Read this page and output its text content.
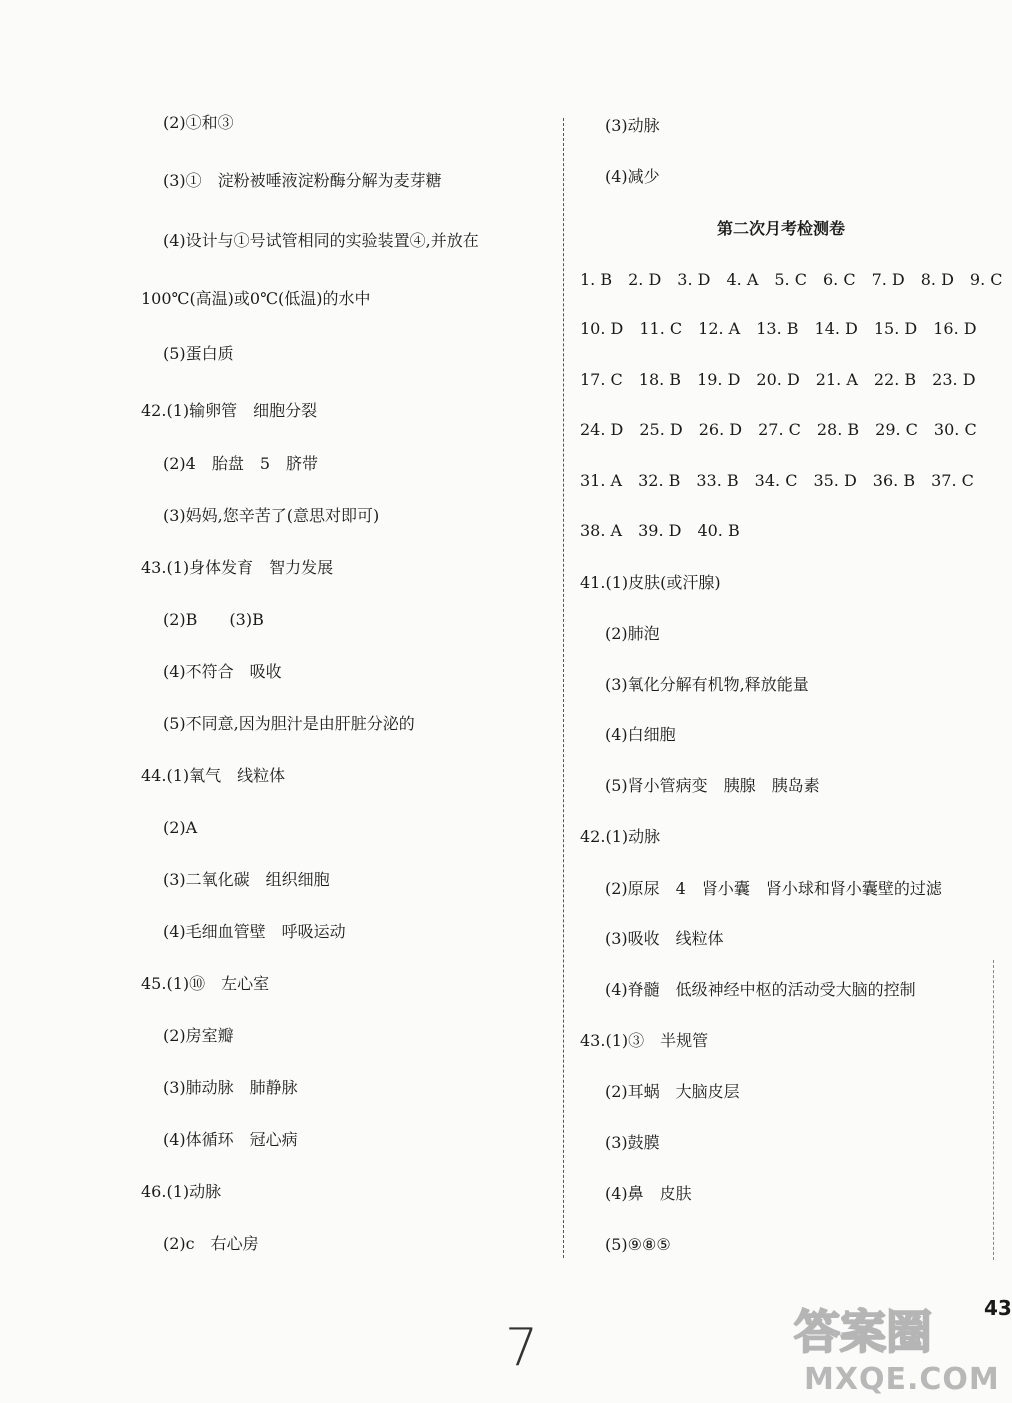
(2)①和③
(3)①　淀粉被唾液淀粉酶分解为麦芽糖
(4)设计与①号试管相同的实验装置④,并放在
100℃(高温)或0℃(低温)的水中
(5)蛋白质
42.(1)输卵管　细胞分裂
(2)4　胎盘　5　脐带
(3)妈妈,您辛苦了(意思对即可)
43.(1)身体发育　智力发展
(2)B　　(3)B
(4)不符合　吸收
(5)不同意,因为胆汁是由肝脏分泌的
44.(1)氧气　线粒体
(2)A
(3)二氧化碳　组织细胞
(4)毛细血管壁　呼吸运动
45.(1)⑩　左心室
(2)房室瓣
(3)肺动脉　肺静脉
(4)体循环　冠心病
46.(1)动脉
(2)c　右心房
(3)动脉
(4)减少
第二次月考检测卷
1. B　2. D　3. D　4. A　5. C　6. C　7. D　8. D　9. C
10. D　11. C　12. A　13. B　14. D　15. D　16. D
17. C　18. B　19. D　20. D　21. A　22. B　23. D
24. D　25. D　26. D　27. C　28. B　29. C　30. C
31. A　32. B　33. B　34. C　35. D　36. B　37. C
38. A　39. D　40. B
41.(1)皮肤(或汗腺)
(2)肺泡
(3)氧化分解有机物,释放能量
(4)白细胞
(5)肾小管病变　胰腺　胰岛素
42.(1)动脉
(2)原尿　4　肾小囊　肾小球和肾小囊壁的过滤
(3)吸收　线粒体
(4)脊髓　低级神经中枢的活动受大脑的控制
43.(1)③　半规管
(2)耳蜗　大脑皮层
(3)鼓膜
(4)鼻　皮肤
(5)⑨⑧⑤
7
43
答案圈
MXQE.COM
